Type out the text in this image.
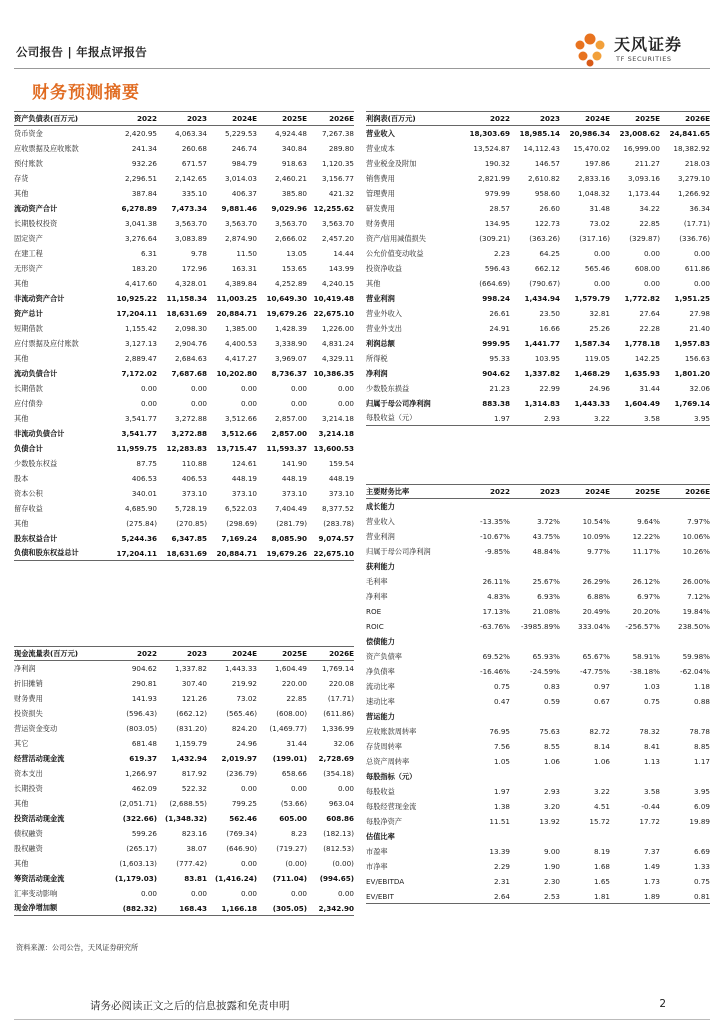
公司报告 | 年报点评报告	天风证券
TF SECURITIES
财务预测摘要
资产负债表(百万元)	2022	2023	2024E	2025E	2026E
货币资金	2,420.95	4,063.34	5,229.53	4,924.48	7,267.38
应收票据及应收账款	241.34	260.68	246.74	340.84	289.80
预付账款	932.26	671.57	984.79	918.63	1,120.35
存货	2,296.51	2,142.65	3,014.03	2,460.21	3,156.77
其他	387.84	335.10	406.37	385.80	421.32
流动资产合计	6,278.89	7,473.34	9,881.46	9,029.96 12,255.62
长期股权投资	3,041.38	3,563.70	3,563.70	3,563.70	3,563.70
固定资产	3,276.64	3,083.89	2,874.90	2,666.02	2,457.20
在建工程	6.31	9.78	11.50	13.05	14.44
无形资产	183.20	172.96	163.31	153.65	143.99
其他	4,417.60	4,328.01	4,389.84	4,252.89	4,240.15
非流动资产合计	10,925.22	11,158.34	11,003.25	10,649.30 10,419.48
资产总计	17,204.11	18,631.69	20,884.71	19,679.26 22,675.10
短期借款	1,155.42	2,098.30	1,385.00	1,428.39	1,226.00
应付票据及应付账款	3,127.13	2,904.76	4,400.53	3,338.90	4,831.24
其他	2,889.47	2,684.63	4,417.27	3,969.07	4,329.11
流动负债合计	7,172.02	7,687.68	10,202.80	8,736.37 10,386.35
长期借款	0.00	0.00	0.00	0.00	0.00
应付债券	0.00	0.00	0.00	0.00	0.00
其他	3,541.77	3,272.88	3,512.66	2,857.00	3,214.18
非流动负债合计	3,541.77	3,272.88	3,512.66	2,857.00	3,214.18
负债合计	11,959.75	12,283.83	13,715.47	11,593.37 13,600.53
少数股东权益	87.75	110.88	124.61	141.90	159.54
股本	406.53	406.53	448.19	448.19	448.19
资本公积	340.01	373.10	373.10	373.10	373.10
留存收益	4,685.90	5,728.19	6,522.03	7,404.49	8,377.52
其他	(275.84)	(270.85)	(298.69)	(281.79)	(283.78)
股东权益合计	5,244.36	6,347.85	7,169.24	8,085.90	9,074.57
负债和股东权益总计	17,204.11	18,631.69	20,884.71	19,679.26 22,675.10
利润表(百万元)	2022	2023	2024E	2025E	2026E
营业收入	18,303.69	18,985.14	20,986.34	23,008.62	24,841.65
营业成本	13,524.87	14,112.43	15,470.02	16,999.00	18,382.92
营业税金及附加	190.32	146.57	197.86	211.27	218.03
销售费用	2,821.99	2,610.82	2,833.16	3,093.16	3,279.10
管理费用	979.99	958.60	1,048.32	1,173.44	1,266.92
研发费用	28.57	26.60	31.48	34.22	36.34
财务费用	134.95	122.73	73.02	22.85	(17.71)
资产/信用减值损失	(309.21)	(363.26)	(317.16)	(329.87)	(336.76)
公允价值变动收益	2.23	64.25	0.00	0.00	0.00
投资净收益	596.43	662.12	565.46	608.00	611.86
其他	(664.69)	(790.67)	0.00	0.00	0.00
营业利润	998.24	1,434.94	1,579.79	1,772.82	1,951.25
营业外收入	26.61	23.50	32.81	27.64	27.98
营业外支出	24.91	16.66	25.26	22.28	21.40
利润总额	999.95	1,441.77	1,587.34	1,778.18	1,957.83
所得税	95.33	103.95	119.05	142.25	156.63
净利润	904.62	1,337.82	1,468.29	1,635.93	1,801.20
少数股东损益	21.23	22.99	24.96	31.44	32.06
归属于母公司净利润	883.38	1,314.83	1,443.33	1,604.49	1,769.14
每股收益（元）	1.97	2.93	3.22	3.58	3.95
主要财务比率	2022	2023	2024E	2025E	2026E
成长能力
营业收入	-13.35%	3.72%	10.54%	9.64%	7.97%
营业利润	-10.67%	43.75%	10.09%	12.22%	10.06%
归属于母公司净利润	-9.85%	48.84%	9.77%	11.17%	10.26%
获利能力
毛利率	26.11%	25.67%	26.29%	26.12%	26.00%
净利率	4.83%	6.93%	6.88%	6.97%	7.12%
ROE	17.13%	21.08%	20.49%	20.20%	19.84%
ROIC	-63.76%	-3985.89%	333.04%	-256.57%	238.50%
偿债能力
资产负债率	69.52%	65.93%	65.67%	58.91%	59.98%
净负债率	-16.46%	-24.59%	-47.75%	-38.18%	-62.04%
流动比率	0.75	0.83	0.97	1.03	1.18
速动比率	0.47	0.59	0.67	0.75	0.88
营运能力
应收账款周转率	76.95	75.63	82.72	78.32	78.78
存货周转率	7.56	8.55	8.14	8.41	8.85
总资产周转率	1.05	1.06	1.06	1.13	1.17
每股指标（元）
每股收益	1.97	2.93	3.22	3.58	3.95
每股经营现金流	1.38	3.20	4.51	-0.44	6.09
每股净资产	11.51	13.92	15.72	17.72	19.89
估值比率
市盈率	13.39	9.00	8.19	7.37	6.69
市净率	2.29	1.90	1.68	1.49	1.33
EV/EBITDA	2.31	2.30	1.65	1.73	0.75
EV/EBIT	2.64	2.53	1.81	1.89	0.81
现金流量表(百万元)	2022	2023	2024E	2025E	2026E
净利润	904.62	1,337.82	1,443.33	1,604.49	1,769.14
折旧摊销	290.81	307.40	219.92	220.00	220.08
财务费用	141.93	121.26	73.02	22.85	(17.71)
投资损失	(596.43)	(662.12)	(565.46)	(608.00)	(611.86)
营运资金变动	(803.05)	(831.20)	824.20	(1,469.77)	1,336.99
其它	681.48	1,159.79	24.96	31.44	32.06
经营活动现金流	619.37	1,432.94	2,019.97	(199.01)	2,728.69
资本支出	1,266.97	817.92	(236.79)	658.66	(354.18)
长期投资	462.09	522.32	0.00	0.00	0.00
其他	(2,051.71)	(2,688.55)	799.25	(53.66)	963.04
投资活动现金流	(322.66)	(1,348.32)	562.46	605.00	608.86
债权融资	599.26	823.16	(769.34)	8.23	(182.13)
股权融资	(265.17)	38.07	(646.90)	(719.27)	(812.53)
其他	(1,603.13)	(777.42)	0.00	(0.00)	(0.00)
筹资活动现金流	(1,179.03)	83.81	(1,416.24)	(711.04)	(994.65)
汇率变动影响	0.00	0.00	0.00	0.00	0.00
现金净增加额	(882.32)	168.43	1,166.18	(305.05)	2,342.90
资料来源：公司公告，天风证券研究所
请务必阅读正文之后的信息披露和免责申明	2
